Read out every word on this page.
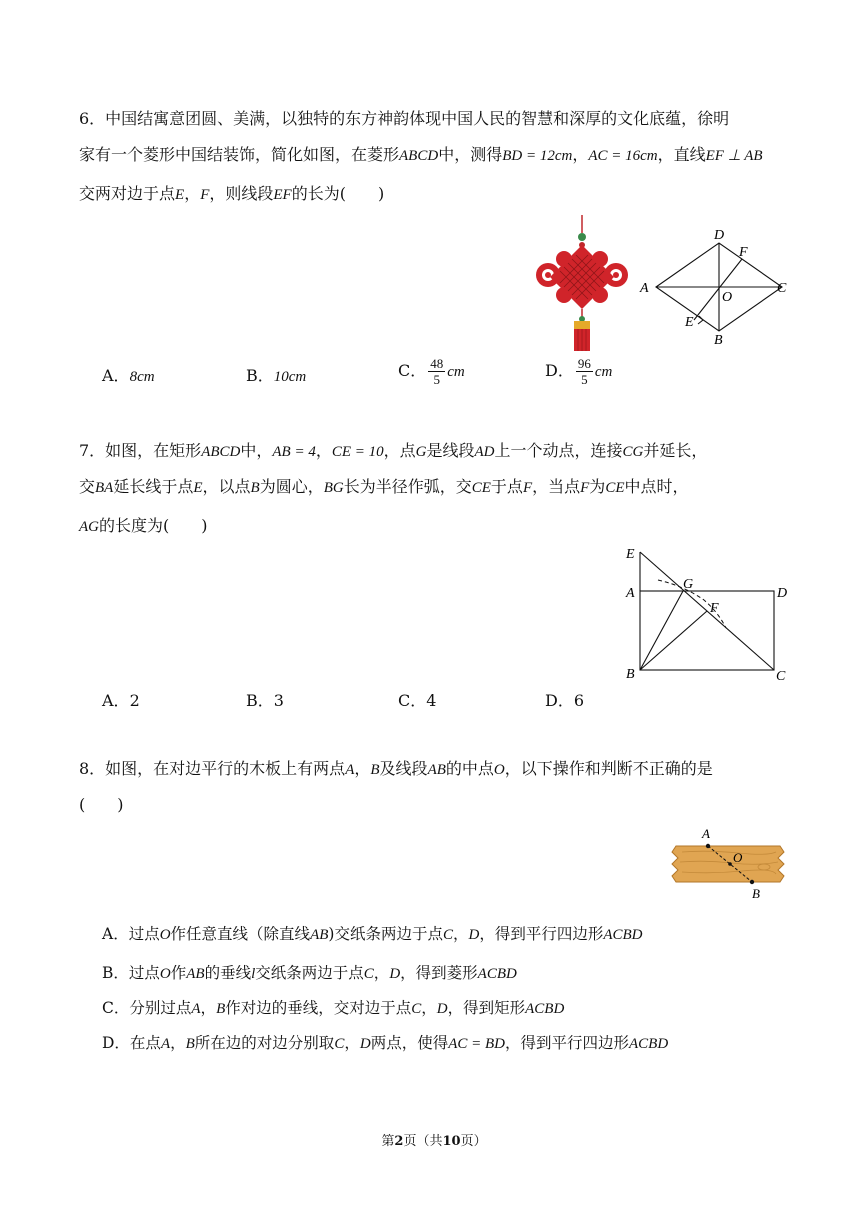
6．中国结寓意团圆、美满，以独特的东方神韵体现中国人民的智慧和深厚的文化底蕴，徐明
家有一个菱形中国结装饰，简化如图，在菱形ABCD中，测得BD = 12cm，AC = 16cm，直线EF ⊥ AB
交两对边于点E，F，则线段EF的长为(　　)
A
D
F
C
O
E
B
A．8cm	B．10cm	C． $\frac{48}{5}$ cm	D． $\frac{96}{5}$ cm
7．如图，在矩形ABCD中，AB = 4，CE = 10，点G是线段AD上一个动点，连接CG并延长，
交BA延长线于点E，以点B为圆心，BG长为半径作弧，交CE于点F，当点F为CE中点时，
AG的长度为(　　)
E
A
G
D
F
B	C
A．2	B．3	C．4	D．6
8．如图，在对边平行的木板上有两点A，B及线段AB的中点O，以下操作和判断不正确的是
(　　)
A
O
B
A．过点O作任意直线（除直线AB)交纸条两边于点C，D，得到平行四边形ACBD
B．过点O作AB的垂线l交纸条两边于点C，D，得到菱形ACBD
C．分别过点A，B作对边的垂线，交对边于点C，D，得到矩形ACBD
D．在点A，B所在边的对边分别取C，D两点，使得AC = BD，得到平行四边形ACBD
第2页（共10页）
